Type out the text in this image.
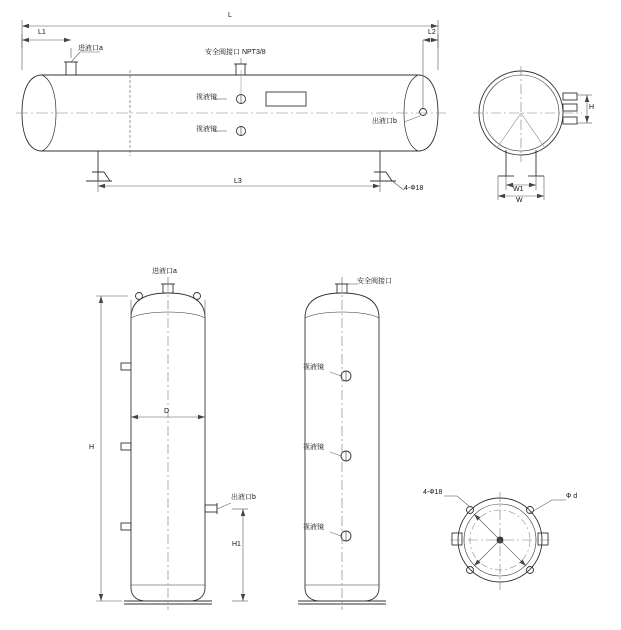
L
L1	L2
L3
进液口a
安全阀接口 NPT3/8
视液镜
视液镜
出液口b
4-Ф18
H
W1
W
进液口a
D
H
H1
出液口b
安全阀接口
视液镜
视液镜
视液镜
4-Ф18
Ф d
